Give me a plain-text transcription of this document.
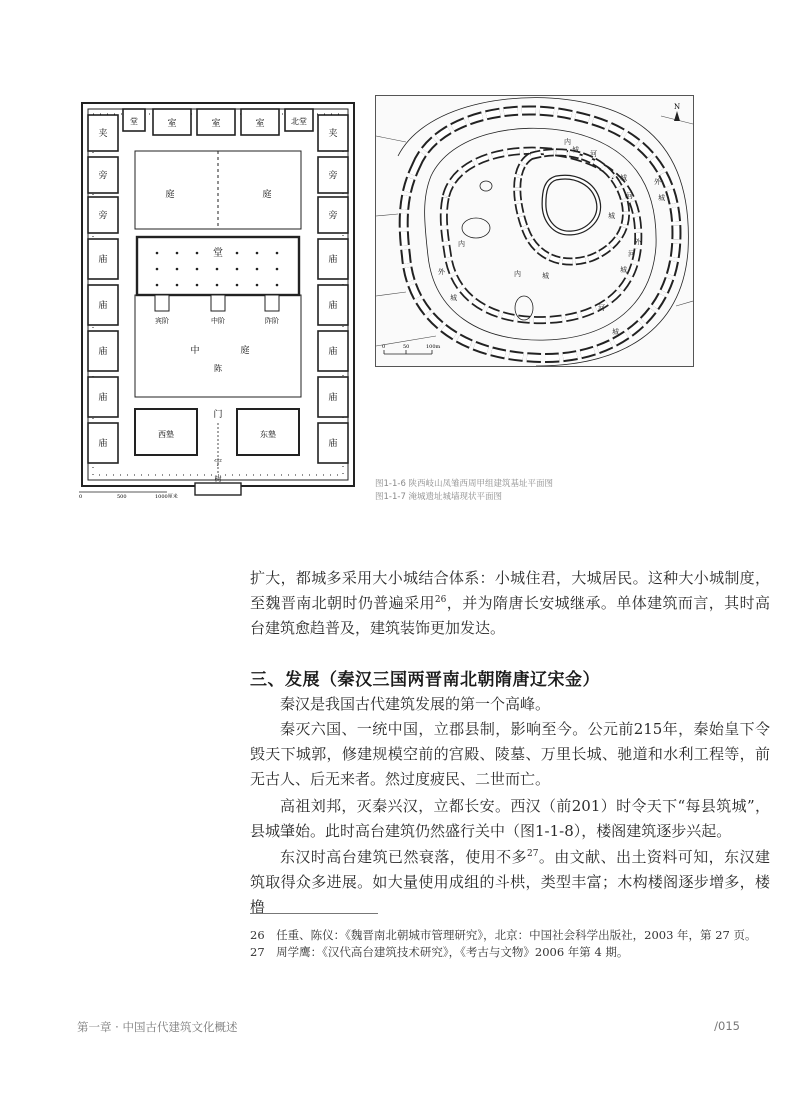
堂	室	室	室	北堂
夹
旁
旁
庙
庙
庙
庙
庙
夹
旁
旁
庙
庙
庙
庙
庙
庭	庭
堂
宾阶	中阶	阼阶
中	庭
陈
西塾	东塾
门
宁
树
0	500	1000厘米
N
内
城 河
城
河
城
外
城
外
河
城
河
城
内	城
内
外
城
0	50	100m
图1-1-6 陕西岐山凤雏西周甲组建筑基址平面图
图1-1-7 淹城遗址城墙现状平面图

扩大，都城多采用大小城结合体系：小城住君，大城居民。这种大小城制度，至魏晋南北朝时仍普遍采用$^{26}$，并为隋唐长安城继承。单体建筑而言，其时高台建筑愈趋普及，建筑装饰更加发达。

三、发展（秦汉三国两晋南北朝隋唐辽宋金）

秦汉是我国古代建筑发展的第一个高峰。

秦灭六国、一统中国，立郡县制，影响至今。公元前215年，秦始皇下令毁天下城郭，修建规模空前的宫殿、陵墓、万里长城、驰道和水利工程等，前无古人、后无来者。然过度疲民、二世而亡。

高祖刘邦，灭秦兴汉，立都长安。西汉（前201）时令天下“每县筑城”，县城肇始。此时高台建筑仍然盛行关中（图1-1-8），楼阁建筑逐步兴起。

东汉时高台建筑已然衰落，使用不多$^{27}$。由文献、出土资料可知，东汉建筑取得众多进展。如大量使用成组的斗栱，类型丰富；木构楼阁逐步增多，楼橹

26　任重、陈仪：《魏晋南北朝城市管理研究》，北京：中国社会科学出版社，2003 年，第 27 页。

27　周学鹰：《汉代高台建筑技术研究》，《考古与文物》2006 年第 4 期。

第一章 · 中国古代建筑文化概述	/015
